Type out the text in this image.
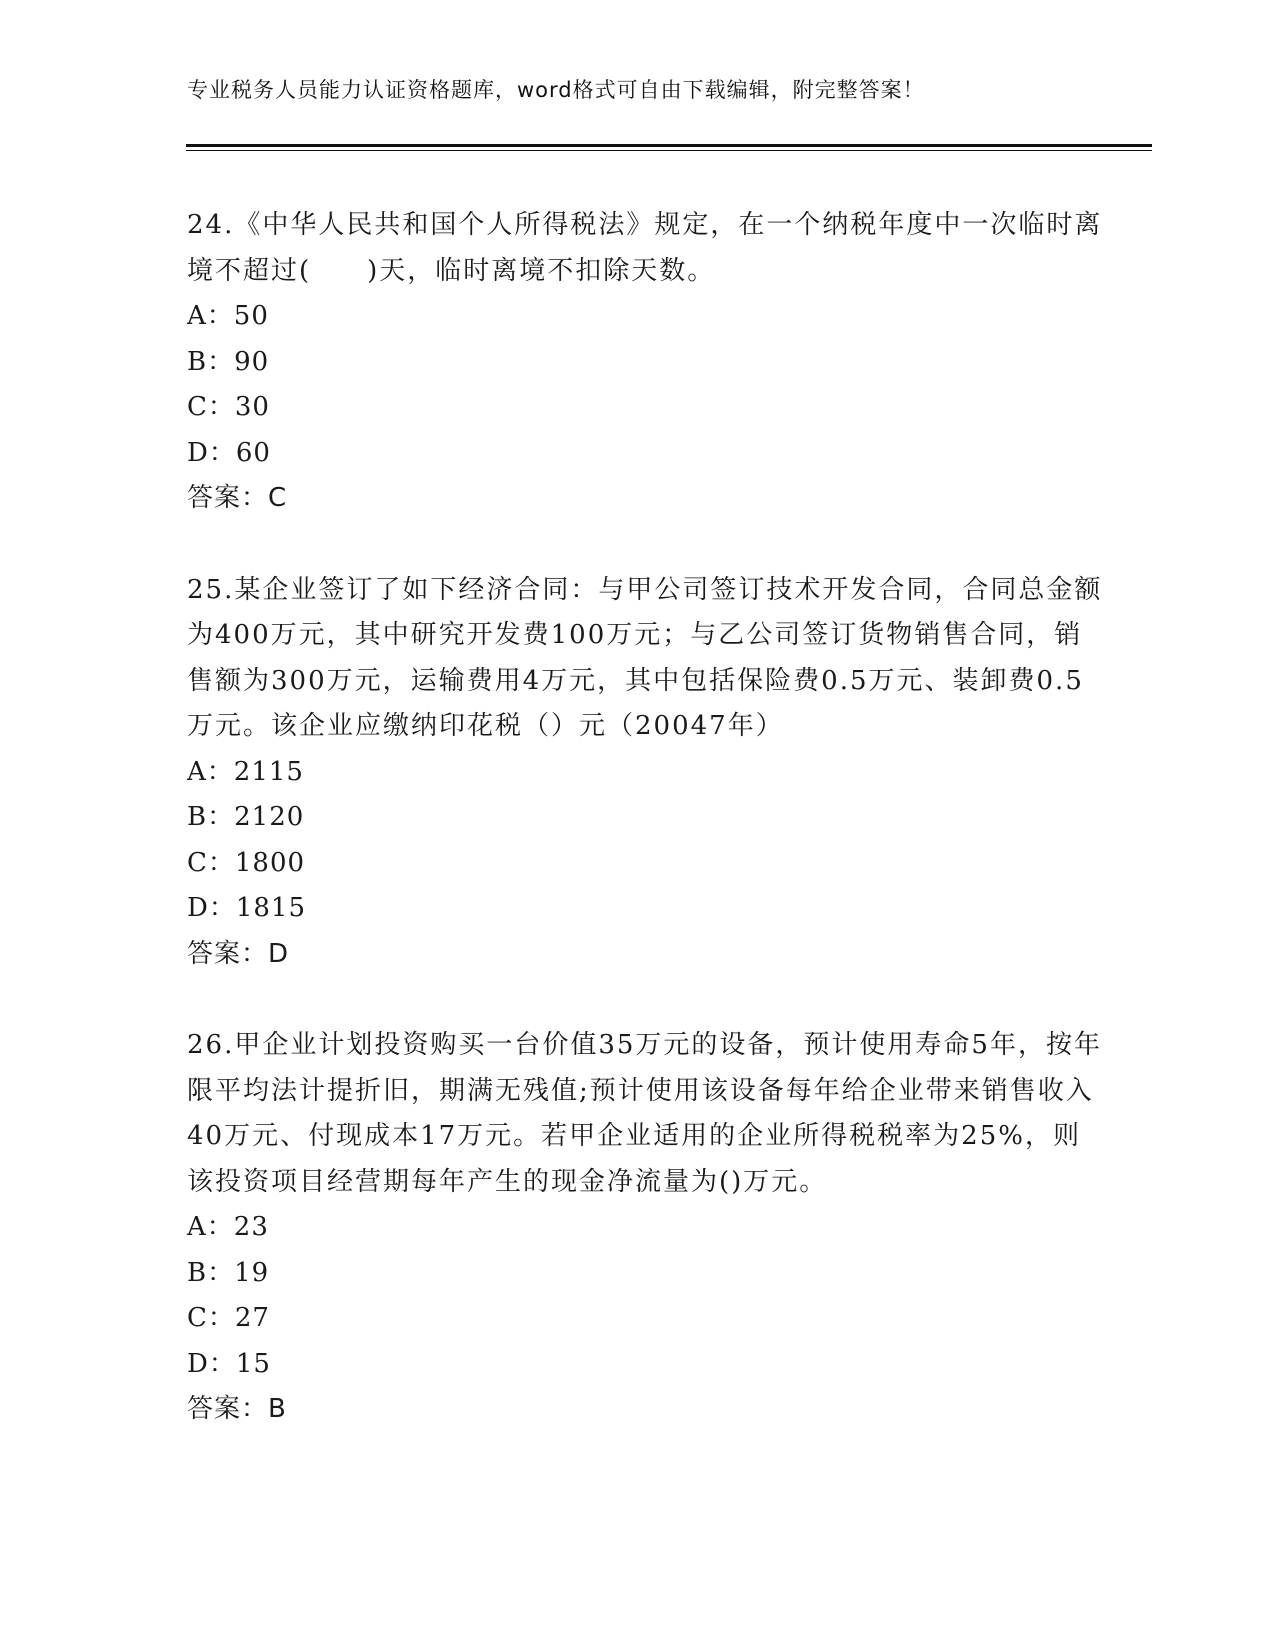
专业税务人员能力认证资格题库，word格式可自由下载编辑，附完整答案！

24.《中华人民共和国个人所得税法》规定，在一个纳税年度中一次临时离境不超过(　　)天，临时离境不扣除天数。

A：50

B：90

C：30

D：60

答案：C

25.某企业签订了如下经济合同：与甲公司签订技术开发合同，合同总金额为400万元，其中研究开发费100万元；与乙公司签订货物销售合同，销售额为300万元，运输费用4万元，其中包括保险费0.5万元、装卸费0.5万元。该企业应缴纳印花税（）元（20047年）

A：2115

B：2120

C：1800

D：1815

答案：D

26.甲企业计划投资购买一台价值35万元的设备，预计使用寿命5年，按年限平均法计提折旧，期满无残值;预计使用该设备每年给企业带来销售收入40万元、付现成本17万元。若甲企业适用的企业所得税税率为25%，则该投资项目经营期每年产生的现金净流量为()万元。

A：23

B：19

C：27

D：15

答案：B
